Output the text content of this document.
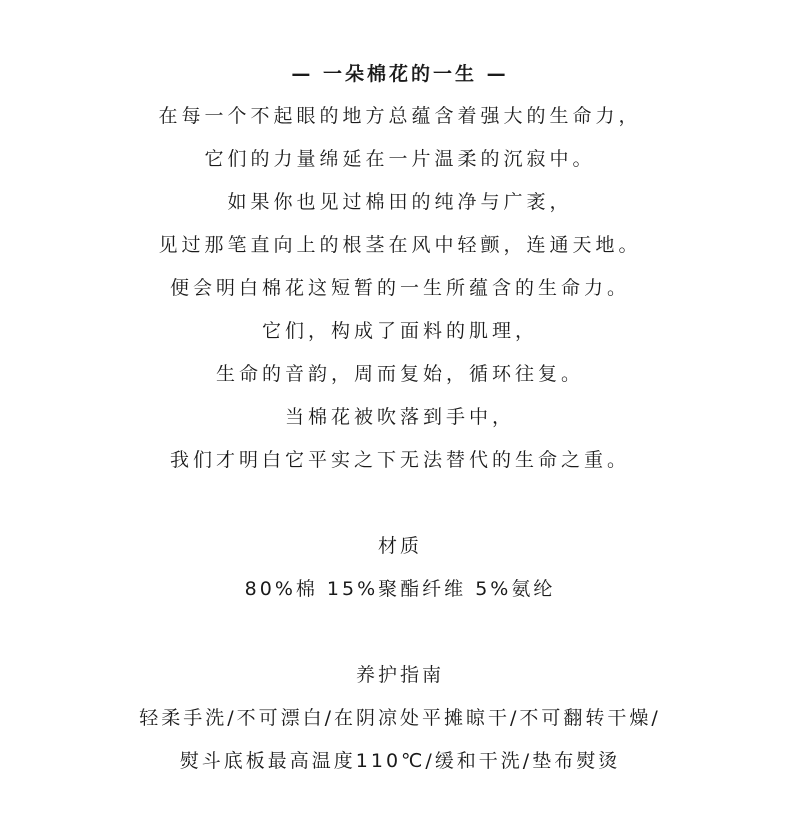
— 一朵棉花的一生 —
在每一个不起眼的地方总蕴含着强大的生命力，
它们的力量绵延在一片温柔的沉寂中。
如果你也见过棉田的纯净与广袤，
见过那笔直向上的根茎在风中轻颤，连通天地。
便会明白棉花这短暂的一生所蕴含的生命力。
它们，构成了面料的肌理，
生命的音韵，周而复始，循环往复。
当棉花被吹落到手中，
我们才明白它平实之下无法替代的生命之重。
材质
80%棉 15%聚酯纤维 5%氨纶
养护指南
轻柔手洗/不可漂白/在阴凉处平摊晾干/不可翻转干燥/
熨斗底板最高温度110℃/缓和干洗/垫布熨烫
